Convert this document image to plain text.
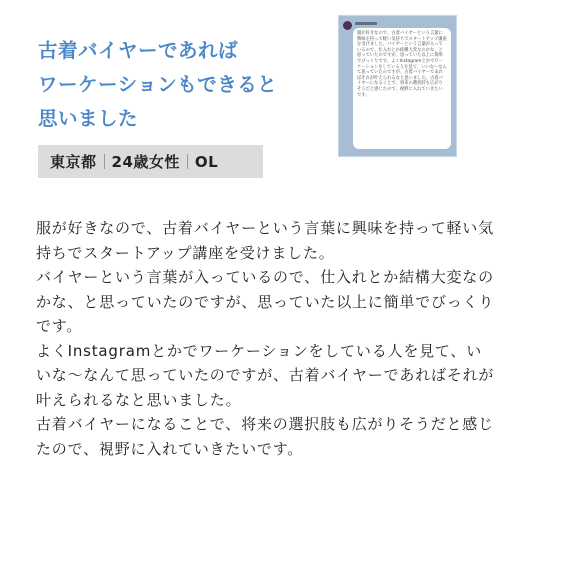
古着バイヤーであれば
ワーケーションもできると
思いました
東京都 24歳女性 OL
服が好きなので、古着バイヤーという言葉に興味を持って軽い気持ちでスタートアップ講座を受けました。バイヤーという言葉が入っているので、仕入れとか結構大変なのかな、と思っていたのですが、思っていた以上に簡単でびっくりです。よくInstagramとかでワーケーションをしている人を見て、いいな〜なんて思っていたのですが、古着バイヤーであればそれが叶えられるなと思いました。古着バイヤーになることで、将来の選択肢も広がりそうだと感じたので、視野に入れていきたいです。
服が好きなので、古着バイヤーという言葉に興味を持って軽い気
持ちでスタートアップ講座を受けました。
バイヤーという言葉が入っているので、仕入れとか結構大変なの
かな、と思っていたのですが、思っていた以上に簡単でびっくり
です。
よくInstagramとかでワーケーションをしている人を見て、い
いな〜なんて思っていたのですが、古着バイヤーであればそれが
叶えられるなと思いました。
古着バイヤーになることで、将来の選択肢も広がりそうだと感じ
たので、視野に入れていきたいです。
